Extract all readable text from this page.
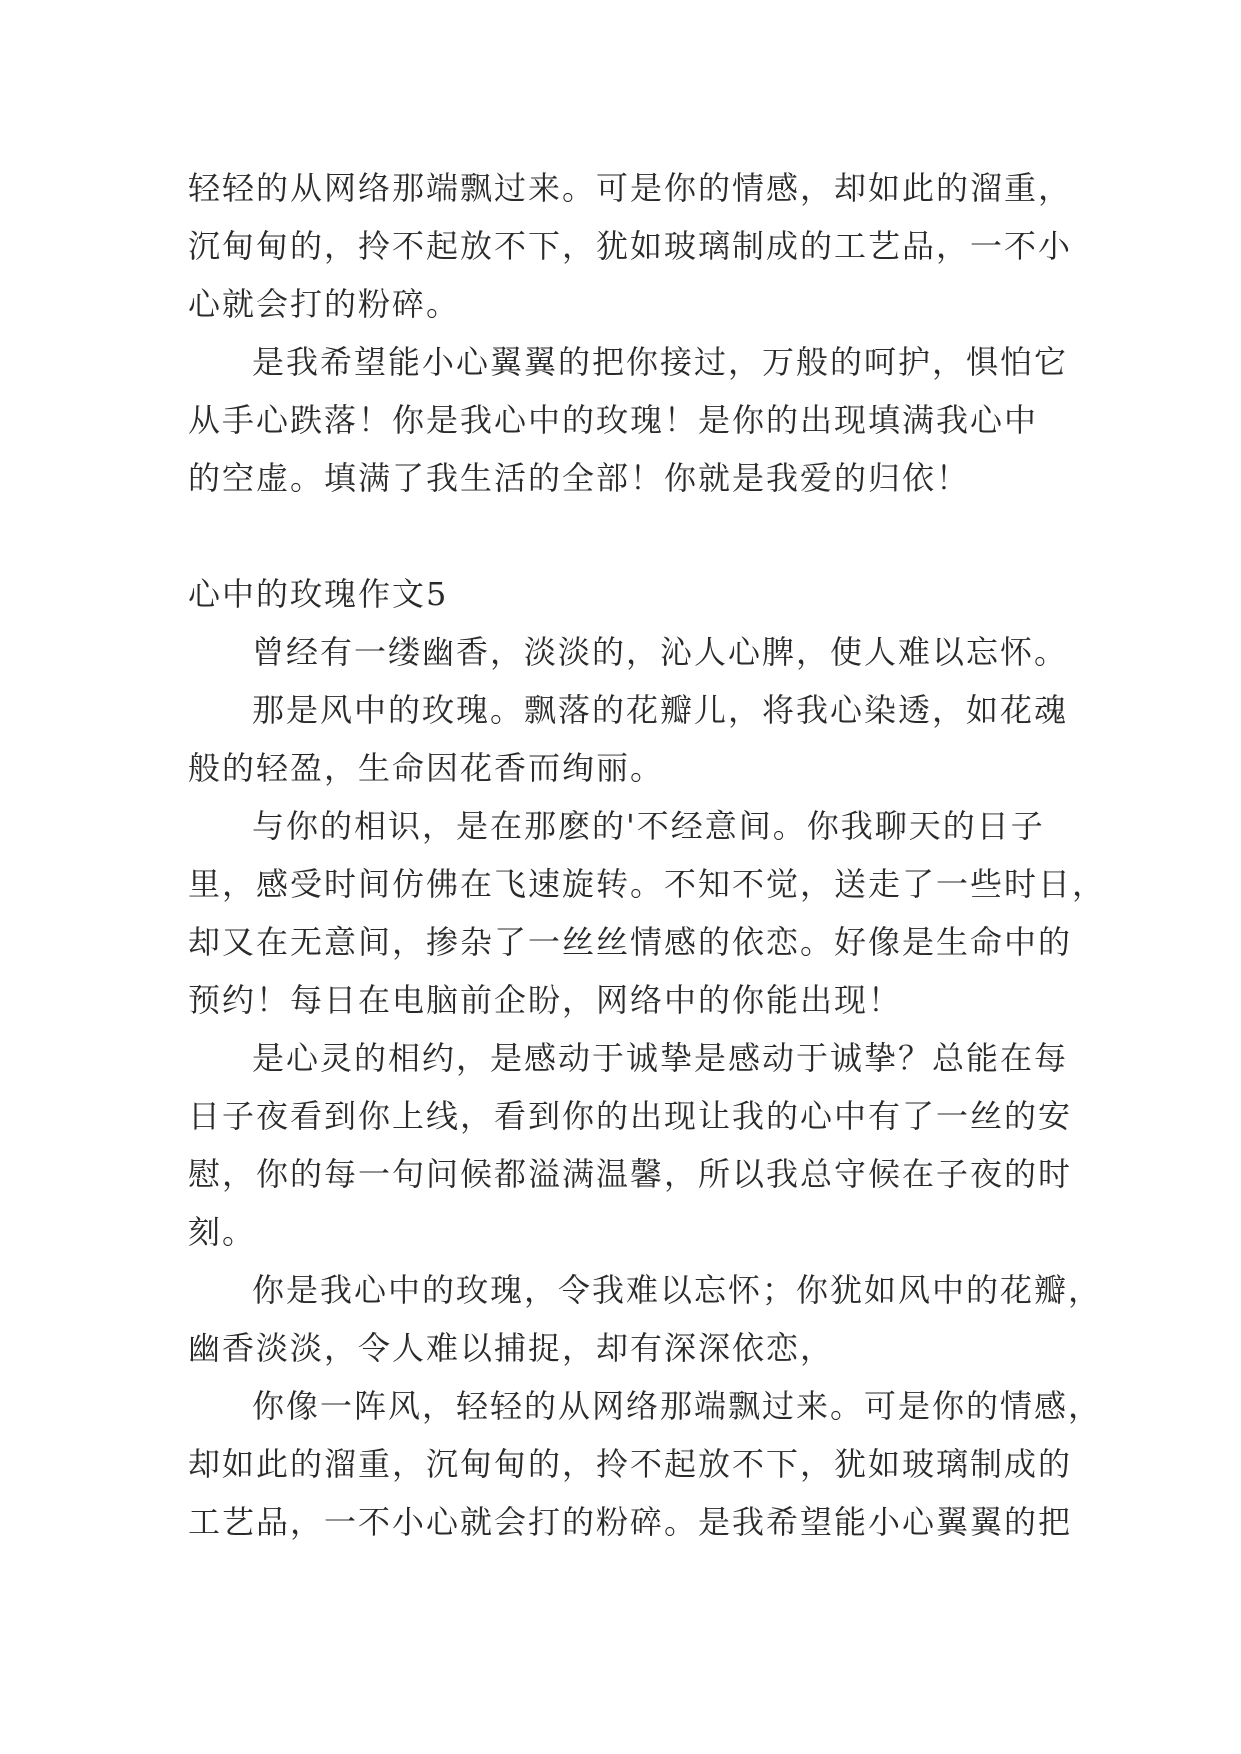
轻轻的从网络那端飘过来。可是你的情感，却如此的溜重，
沉甸甸的，拎不起放不下，犹如玻璃制成的工艺品，一不小
心就会打的粉碎。
是我希望能小心翼翼的把你接过，万般的呵护，惧怕它
从手心跌落！你是我心中的玫瑰！是你的出现填满我心中
的空虚。填满了我生活的全部！你就是我爱的归依！
心中的玫瑰作文5
曾经有一缕幽香，淡淡的，沁人心脾，使人难以忘怀。
那是风中的玫瑰。飘落的花瓣儿，将我心染透，如花魂
般的轻盈，生命因花香而绚丽。
与你的相识，是在那麽的'不经意间。你我聊天的日子
里，感受时间仿佛在飞速旋转。不知不觉，送走了一些时日，
却又在无意间，掺杂了一丝丝情感的依恋。好像是生命中的
预约！每日在电脑前企盼，网络中的你能出现！
是心灵的相约，是感动于诚挚是感动于诚挚？总能在每
日子夜看到你上线，看到你的出现让我的心中有了一丝的安
慰，你的每一句问候都溢满温馨，所以我总守候在子夜的时
刻。
你是我心中的玫瑰，令我难以忘怀；你犹如风中的花瓣，
幽香淡淡，令人难以捕捉，却有深深依恋，
你像一阵风，轻轻的从网络那端飘过来。可是你的情感，
却如此的溜重，沉甸甸的，拎不起放不下，犹如玻璃制成的
工艺品，一不小心就会打的粉碎。是我希望能小心翼翼的把
